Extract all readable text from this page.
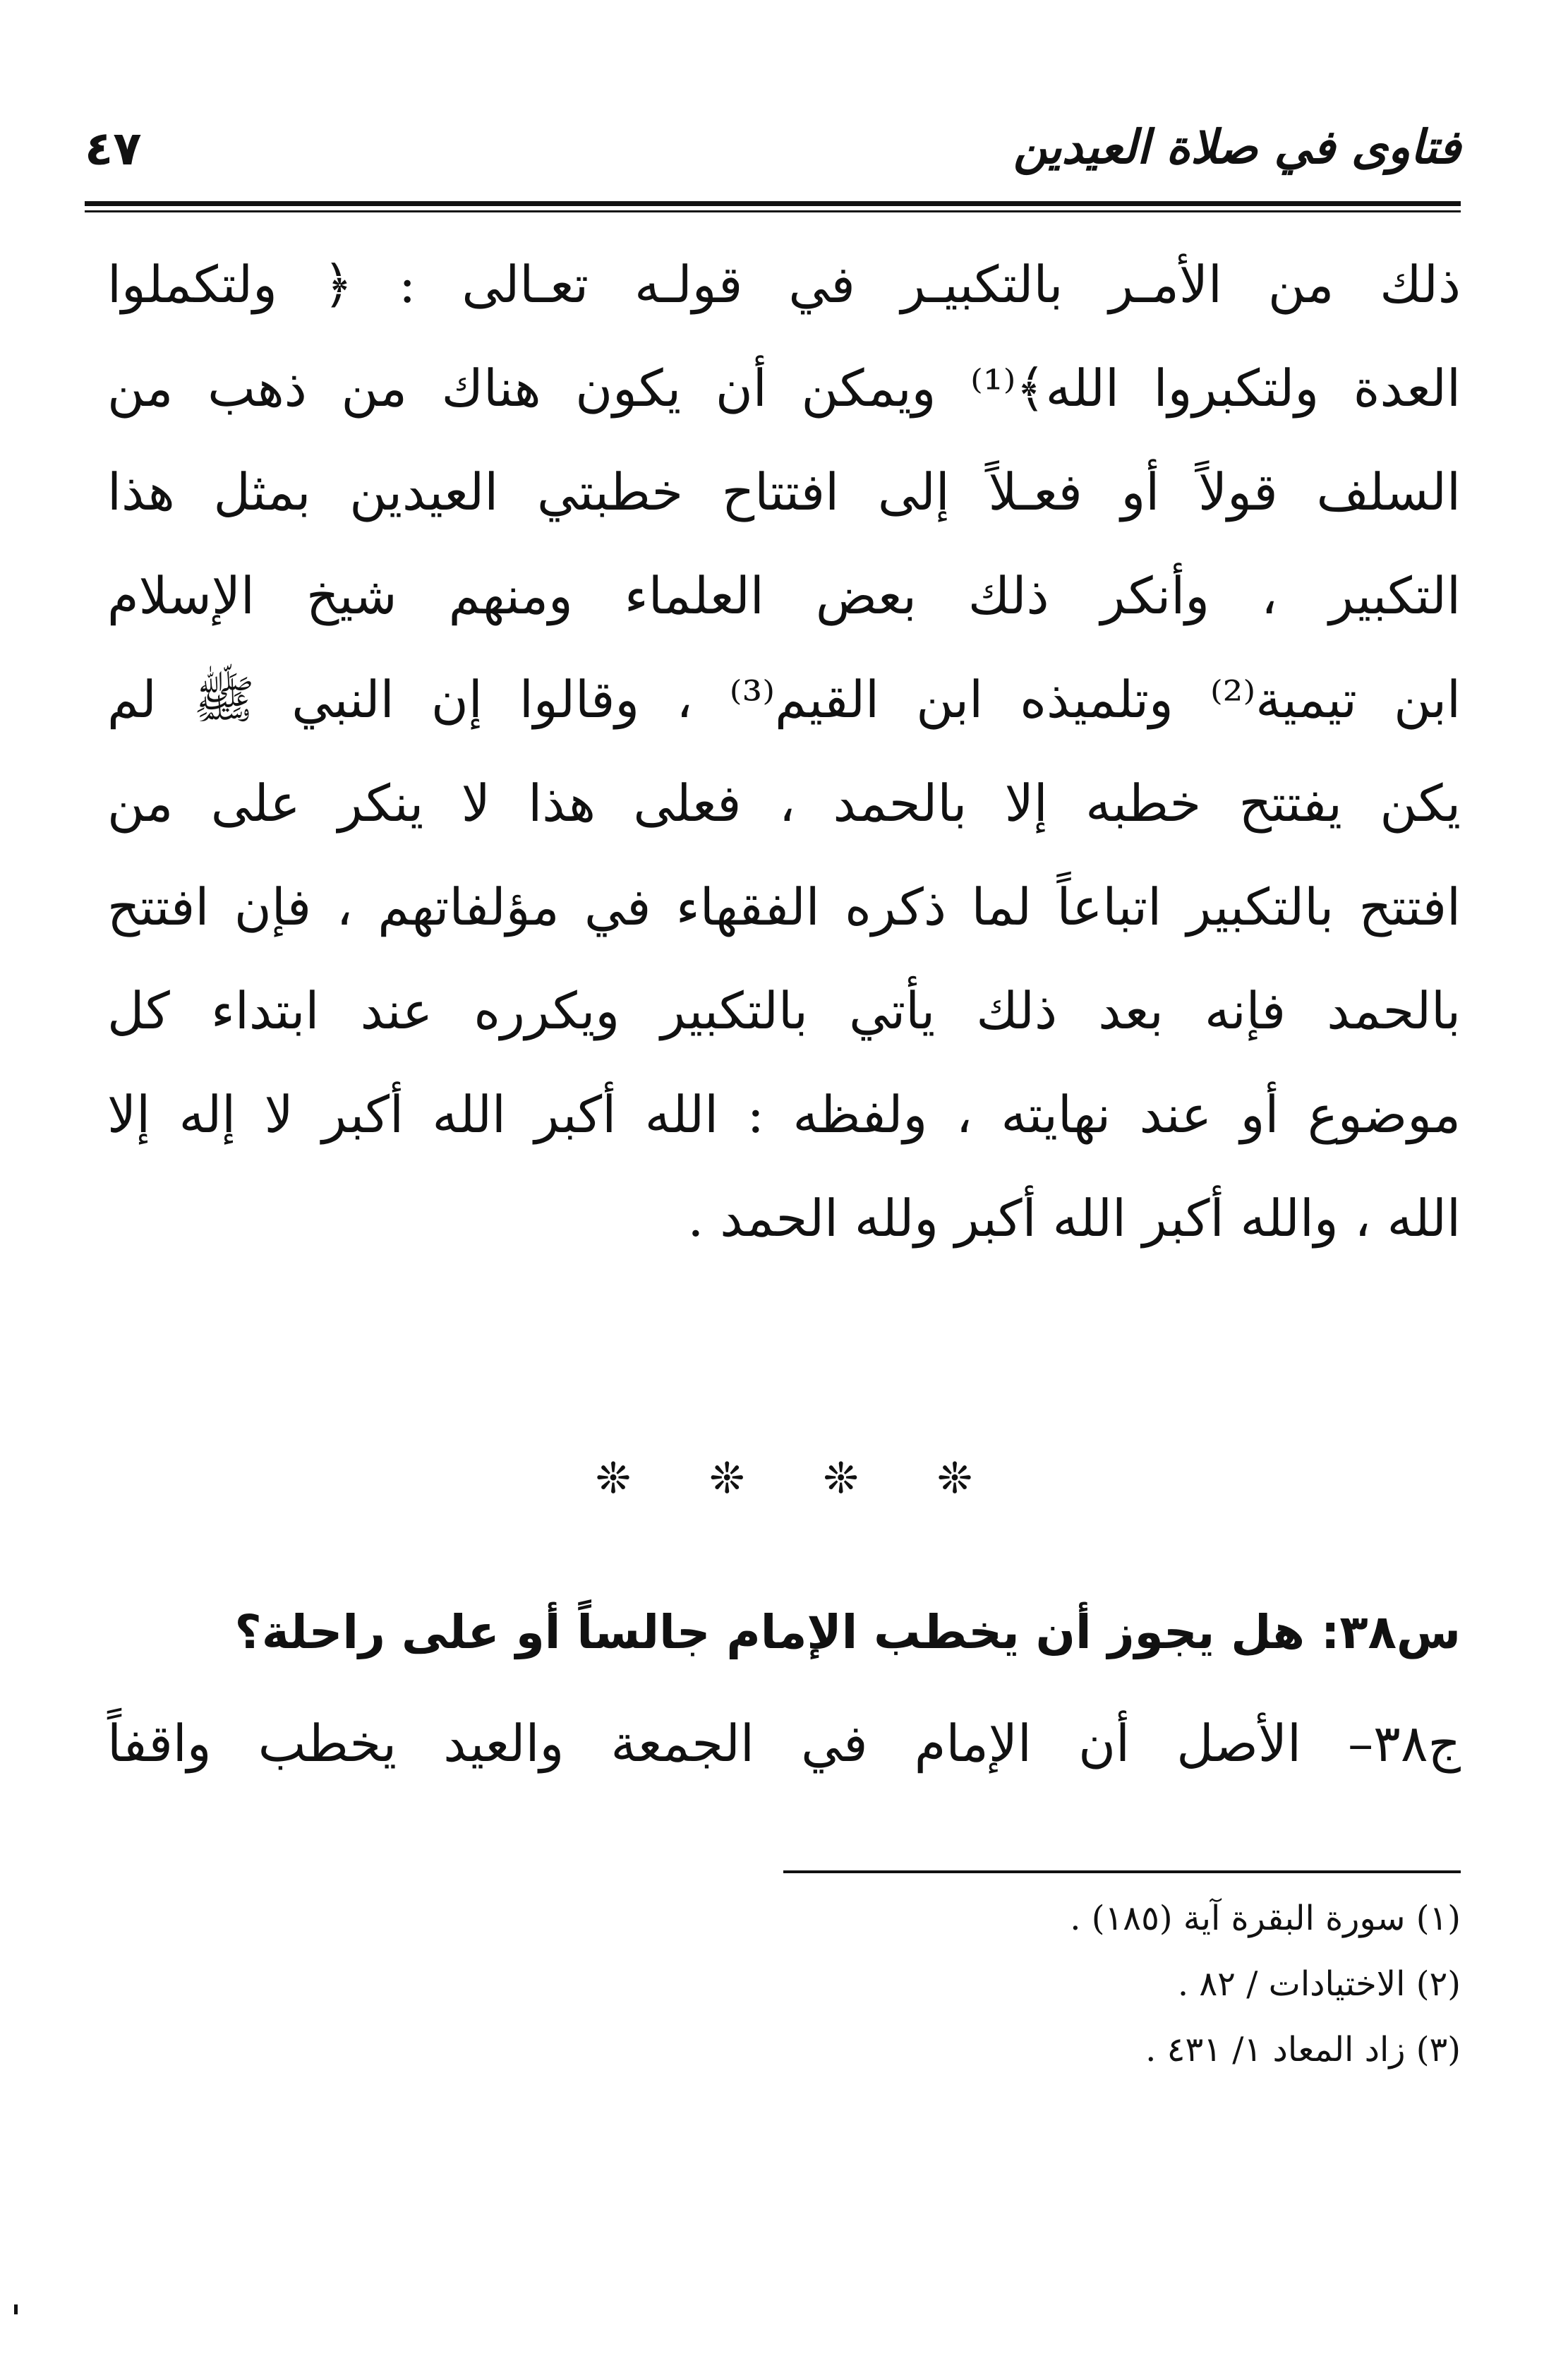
فتاوى في صلاة العيدين
٤٧
ذلك من الأمـر بالتكبيـر في قولـه تعـالى : ﴿ ولتكملوا
العدة ولتكبروا الله﴾⁽¹⁾ ويمكن أن يكون هناك من ذهب من
السلف قولاً أو فعـلاً إلى افتتاح خطبتي العيدين بمثل هذا
التكبير ، وأنكر ذلك بعض العلماء ومنهم شيخ الإسلام
ابن تيمية⁽²⁾ وتلميذه ابن القيم⁽³⁾ ، وقالوا إن النبي ﷺ لم
يكن يفتتح خطبه إلا بالحمد ، فعلى هذا لا ينكر على من
افتتح بالتكبير اتباعاً لما ذكره الفقهاء في مؤلفاتهم ، فإن افتتح
بالحمد فإنه بعد ذلك يأتي بالتكبير ويكرره عند ابتداء كل
موضوع أو عند نهايته ، ولفظه : الله أكبر الله أكبر لا إله إلا
الله ، والله أكبر الله أكبر ولله الحمد .
❊ ❊ ❊ ❊
س٣٨: هل يجوز أن يخطب الإمام جالساً أو على راحلة؟
ج٣٨– الأصل أن الإمام في الجمعة والعيد يخطب واقفاً
(١) سورة البقرة آية (١٨٥) .
(٢) الاختيادات / ٨٢ .
(٣) زاد المعاد ١/ ٤٣١ .
